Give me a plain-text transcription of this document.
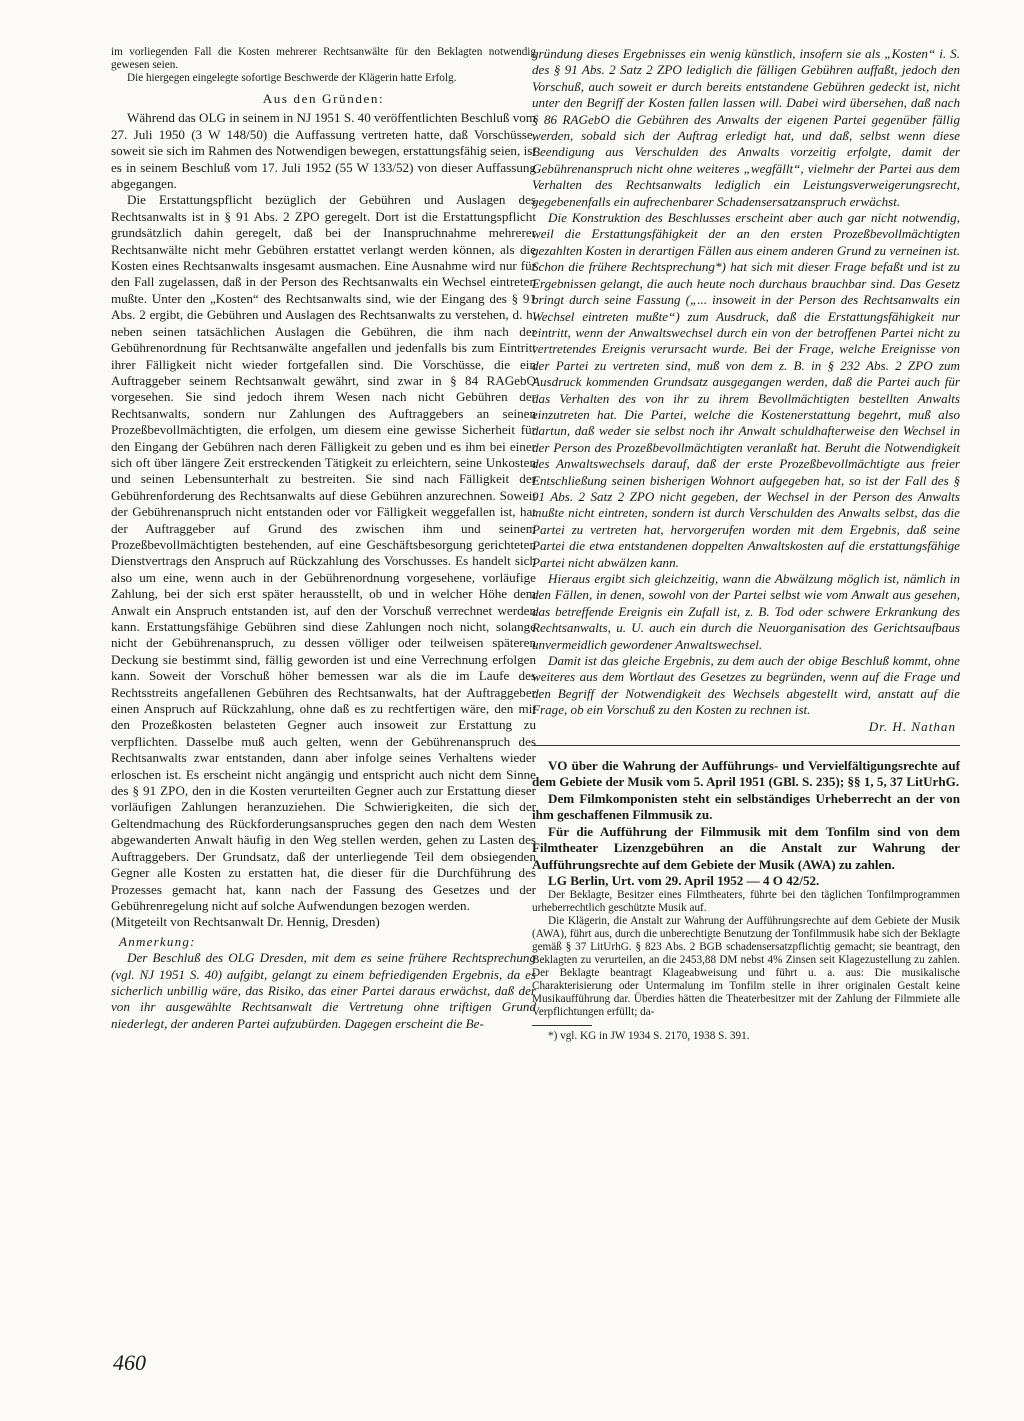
im vorliegenden Fall die Kosten mehrerer Rechtsanwälte für den Beklagten notwendig gewesen seien.

Die hiergegen eingelegte sofortige Beschwerde der Klägerin hatte Erfolg.

Aus den Gründen:

Während das OLG in seinem in NJ 1951 S. 40 veröffentlichten Beschluß vom 27. Juli 1950 (3 W 148/50) die Auffassung vertreten hatte, daß Vorschüsse, soweit sie sich im Rahmen des Notwendigen bewegen, erstattungsfähig seien, ist es in seinem Beschluß vom 17. Juli 1952 (55 W 133/52) von dieser Auffassung abgegangen.

Die Erstattungspflicht bezüglich der Gebühren und Auslagen des Rechtsanwalts ist in § 91 Abs. 2 ZPO geregelt. Dort ist die Erstattungspflicht grundsätzlich dahin geregelt, daß bei der Inanspruchnahme mehrerer Rechtsanwälte nicht mehr Gebühren erstattet verlangt werden können, als die Kosten eines Rechtsanwalts insgesamt ausmachen. Eine Ausnahme wird nur für den Fall zugelassen, daß in der Person des Rechtsanwalts ein Wechsel eintreten mußte. Unter den „Kosten“ des Rechtsanwalts sind, wie der Eingang des § 91 Abs. 2 ergibt, die Gebühren und Auslagen des Rechtsanwalts zu verstehen, d. h. neben seinen tatsächlichen Auslagen die Gebühren, die ihm nach der Gebührenordnung für Rechtsanwälte angefallen und jedenfalls bis zum Eintritt ihrer Fälligkeit nicht wieder fortgefallen sind. Die Vorschüsse, die ein Auftraggeber seinem Rechtsanwalt gewährt, sind zwar in § 84 RAGebO vorgesehen. Sie sind jedoch ihrem Wesen nach nicht Gebühren der Rechtsanwalts, sondern nur Zahlungen des Auftraggebers an seinen Prozeßbevollmächtigten, die erfolgen, um diesem eine gewisse Sicherheit für den Eingang der Gebühren nach deren Fälligkeit zu geben und es ihm bei einer sich oft über längere Zeit erstreckenden Tätigkeit zu erleichtern, seine Unkosten und seinen Lebensunterhalt zu bestreiten. Sie sind nach Fälligkeit der Gebührenforderung des Rechtsanwalts auf diese Gebühren anzurechnen. Soweit der Gebührenanspruch nicht entstanden oder vor Fälligkeit weggefallen ist, hat der Auftraggeber auf Grund des zwischen ihm und seinem Prozeßbevollmächtigten bestehenden, auf eine Geschäftsbesorgung gerichteten Dienstvertrags den Anspruch auf Rückzahlung des Vorschusses. Es handelt sich also um eine, wenn auch in der Gebührenordnung vorgesehene, vorläufige Zahlung, bei der sich erst später herausstellt, ob und in welcher Höhe dem Anwalt ein Anspruch entstanden ist, auf den der Vorschuß verrechnet werden kann. Erstattungsfähige Gebühren sind diese Zahlungen noch nicht, solange nicht der Gebührenanspruch, zu dessen völliger oder teilweisen späteren Deckung sie bestimmt sind, fällig geworden ist und eine Verrechnung erfolgen kann. Soweit der Vorschuß höher bemessen war als die im Laufe des Rechtsstreits angefallenen Gebühren des Rechtsanwalts, hat der Auftraggeber einen Anspruch auf Rückzahlung, ohne daß es zu rechtfertigen wäre, den mit den Prozeßkosten belasteten Gegner auch insoweit zur Erstattung zu verpflichten. Dasselbe muß auch gelten, wenn der Gebührenanspruch des Rechtsanwalts zwar entstanden, dann aber infolge seines Verhaltens wieder erloschen ist. Es erscheint nicht angängig und entspricht auch nicht dem Sinne des § 91 ZPO, den in die Kosten verurteilten Gegner auch zur Erstattung dieser vorläufigen Zahlungen heranzuziehen. Die Schwierigkeiten, die sich der Geltendmachung des Rückforderungsanspruches gegen den nach dem Westen abgewanderten Anwalt häufig in den Weg stellen werden, gehen zu Lasten des Auftraggebers. Der Grundsatz, daß der unterliegende Teil dem obsiegenden Gegner alle Kosten zu erstatten hat, die dieser für die Durchführung des Prozesses gemacht hat, kann nach der Fassung des Gesetzes und der Gebührenregelung nicht auf solche Aufwendungen bezogen werden.

(Mitgeteilt von Rechtsanwalt Dr. Hennig, Dresden)

Anmerkung:

Der Beschluß des OLG Dresden, mit dem es seine frühere Rechtsprechung (vgl. NJ 1951 S. 40) aufgibt, gelangt zu einem befriedigenden Ergebnis, da es sicherlich unbillig wäre, das Risiko, das einer Partei daraus erwächst, daß der von ihr ausgewählte Rechtsanwalt die Vertretung ohne triftigen Grund niederlegt, der anderen Partei aufzubürden. Dagegen erscheint die Be-

gründung dieses Ergebnisses ein wenig künstlich, insofern sie als „Kosten“ i. S. des § 91 Abs. 2 Satz 2 ZPO lediglich die fälligen Gebühren auffaßt, jedoch den Vorschuß, auch soweit er durch bereits entstandene Gebühren gedeckt ist, nicht unter den Begriff der Kosten fallen lassen will. Dabei wird übersehen, daß nach § 86 RAGebO die Gebühren des Anwalts der eigenen Partei gegenüber fällig werden, sobald sich der Auftrag erledigt hat, und daß, selbst wenn diese Beendigung aus Verschulden des Anwalts vorzeitig erfolgte, damit der Gebührenanspruch nicht ohne weiteres „wegfällt“, vielmehr der Partei aus dem Verhalten des Rechtsanwalts lediglich ein Leistungsverweigerungsrecht, gegebenenfalls ein aufrechenbarer Schadensersatzanspruch erwächst.

Die Konstruktion des Beschlusses erscheint aber auch gar nicht notwendig, weil die Erstattungsfähigkeit der an den ersten Prozeßbevollmächtigten gezahlten Kosten in derartigen Fällen aus einem anderen Grund zu verneinen ist. Schon die frühere Rechtsprechung*) hat sich mit dieser Frage befaßt und ist zu Ergebnissen gelangt, die auch heute noch durchaus brauchbar sind. Das Gesetz bringt durch seine Fassung („... insoweit in der Person des Rechtsanwalts ein Wechsel eintreten mußte“) zum Ausdruck, daß die Erstattungsfähigkeit nur eintritt, wenn der Anwaltswechsel durch ein von der betroffenen Partei nicht zu vertretendes Ereignis verursacht wurde. Bei der Frage, welche Ereignisse von der Partei zu vertreten sind, muß von dem z. B. in § 232 Abs. 2 ZPO zum Ausdruck kommenden Grundsatz ausgegangen werden, daß die Partei auch für das Verhalten des von ihr zu ihrem Bevollmächtigten bestellten Anwalts einzutreten hat. Die Partei, welche die Kostenerstattung begehrt, muß also dartun, daß weder sie selbst noch ihr Anwalt schuldhafterweise den Wechsel in der Person des Prozeßbevollmächtigten veranlaßt hat. Beruht die Notwendigkeit des Anwaltswechsels darauf, daß der erste Prozeßbevollmächtigte aus freier Entschließung seinen bisherigen Wohnort aufgegeben hat, so ist der Fall des § 91 Abs. 2 Satz 2 ZPO nicht gegeben, der Wechsel in der Person des Anwalts mußte nicht eintreten, sondern ist durch Verschulden des Anwalts selbst, das die Partei zu vertreten hat, hervorgerufen worden mit dem Ergebnis, daß seine Partei die etwa entstandenen doppelten Anwaltskosten auf die erstattungsfähige Partei nicht abwälzen kann.

Hieraus ergibt sich gleichzeitig, wann die Abwälzung möglich ist, nämlich in den Fällen, in denen, sowohl von der Partei selbst wie vom Anwalt aus gesehen, das betreffende Ereignis ein Zufall ist, z. B. Tod oder schwere Erkrankung des Rechtsanwalts, u. U. auch ein durch die Neuorganisation des Gerichtsaufbaus unvermeidlich gewordener Anwaltswechsel.

Damit ist das gleiche Ergebnis, zu dem auch der obige Beschluß kommt, ohne weiteres aus dem Wortlaut des Gesetzes zu begründen, wenn auf die Frage und den Begriff der Notwendigkeit des Wechsels abgestellt wird, anstatt auf die Frage, ob ein Vorschuß zu den Kosten zu rechnen ist.

Dr. H. Nathan

VO über die Wahrung der Aufführungs- und Vervielfältigungsrechte auf dem Gebiete der Musik vom 5. April 1951 (GBl. S. 235); §§ 1, 5, 37 LitUrhG.

Dem Filmkomponisten steht ein selbständiges Urheberrecht an der von ihm geschaffenen Filmmusik zu.

Für die Aufführung der Filmmusik mit dem Tonfilm sind von dem Filmtheater Lizenzgebühren an die Anstalt zur Wahrung der Aufführungsrechte auf dem Gebiete der Musik (AWA) zu zahlen.

LG Berlin, Urt. vom 29. April 1952 — 4 O 42/52.

Der Beklagte, Besitzer eines Filmtheaters, führte bei den täglichen Tonfilmprogrammen urheberrechtlich geschützte Musik auf.

Die Klägerin, die Anstalt zur Wahrung der Aufführungsrechte auf dem Gebiete der Musik (AWA), führt aus, durch die unberechtigte Benutzung der Tonfilmmusik habe sich der Beklagte gemäß § 37 LitUrhG. § 823 Abs. 2 BGB schadensersatzpflichtig gemacht; sie beantragt, den Beklagten zu verurteilen, an die 2453,88 DM nebst 4% Zinsen seit Klagezustellung zu zahlen. Der Beklagte beantragt Klageabweisung und führt u. a. aus: Die musikalische Charakterisierung oder Untermalung im Tonfilm stelle in ihrer originalen Gestalt keine Musikaufführung dar. Überdies hätten die Theaterbesitzer mit der Zahlung der Filmmiete alle Verpflichtungen erfüllt; da-

*) vgl. KG in JW 1934 S. 2170, 1938 S. 391.

460
